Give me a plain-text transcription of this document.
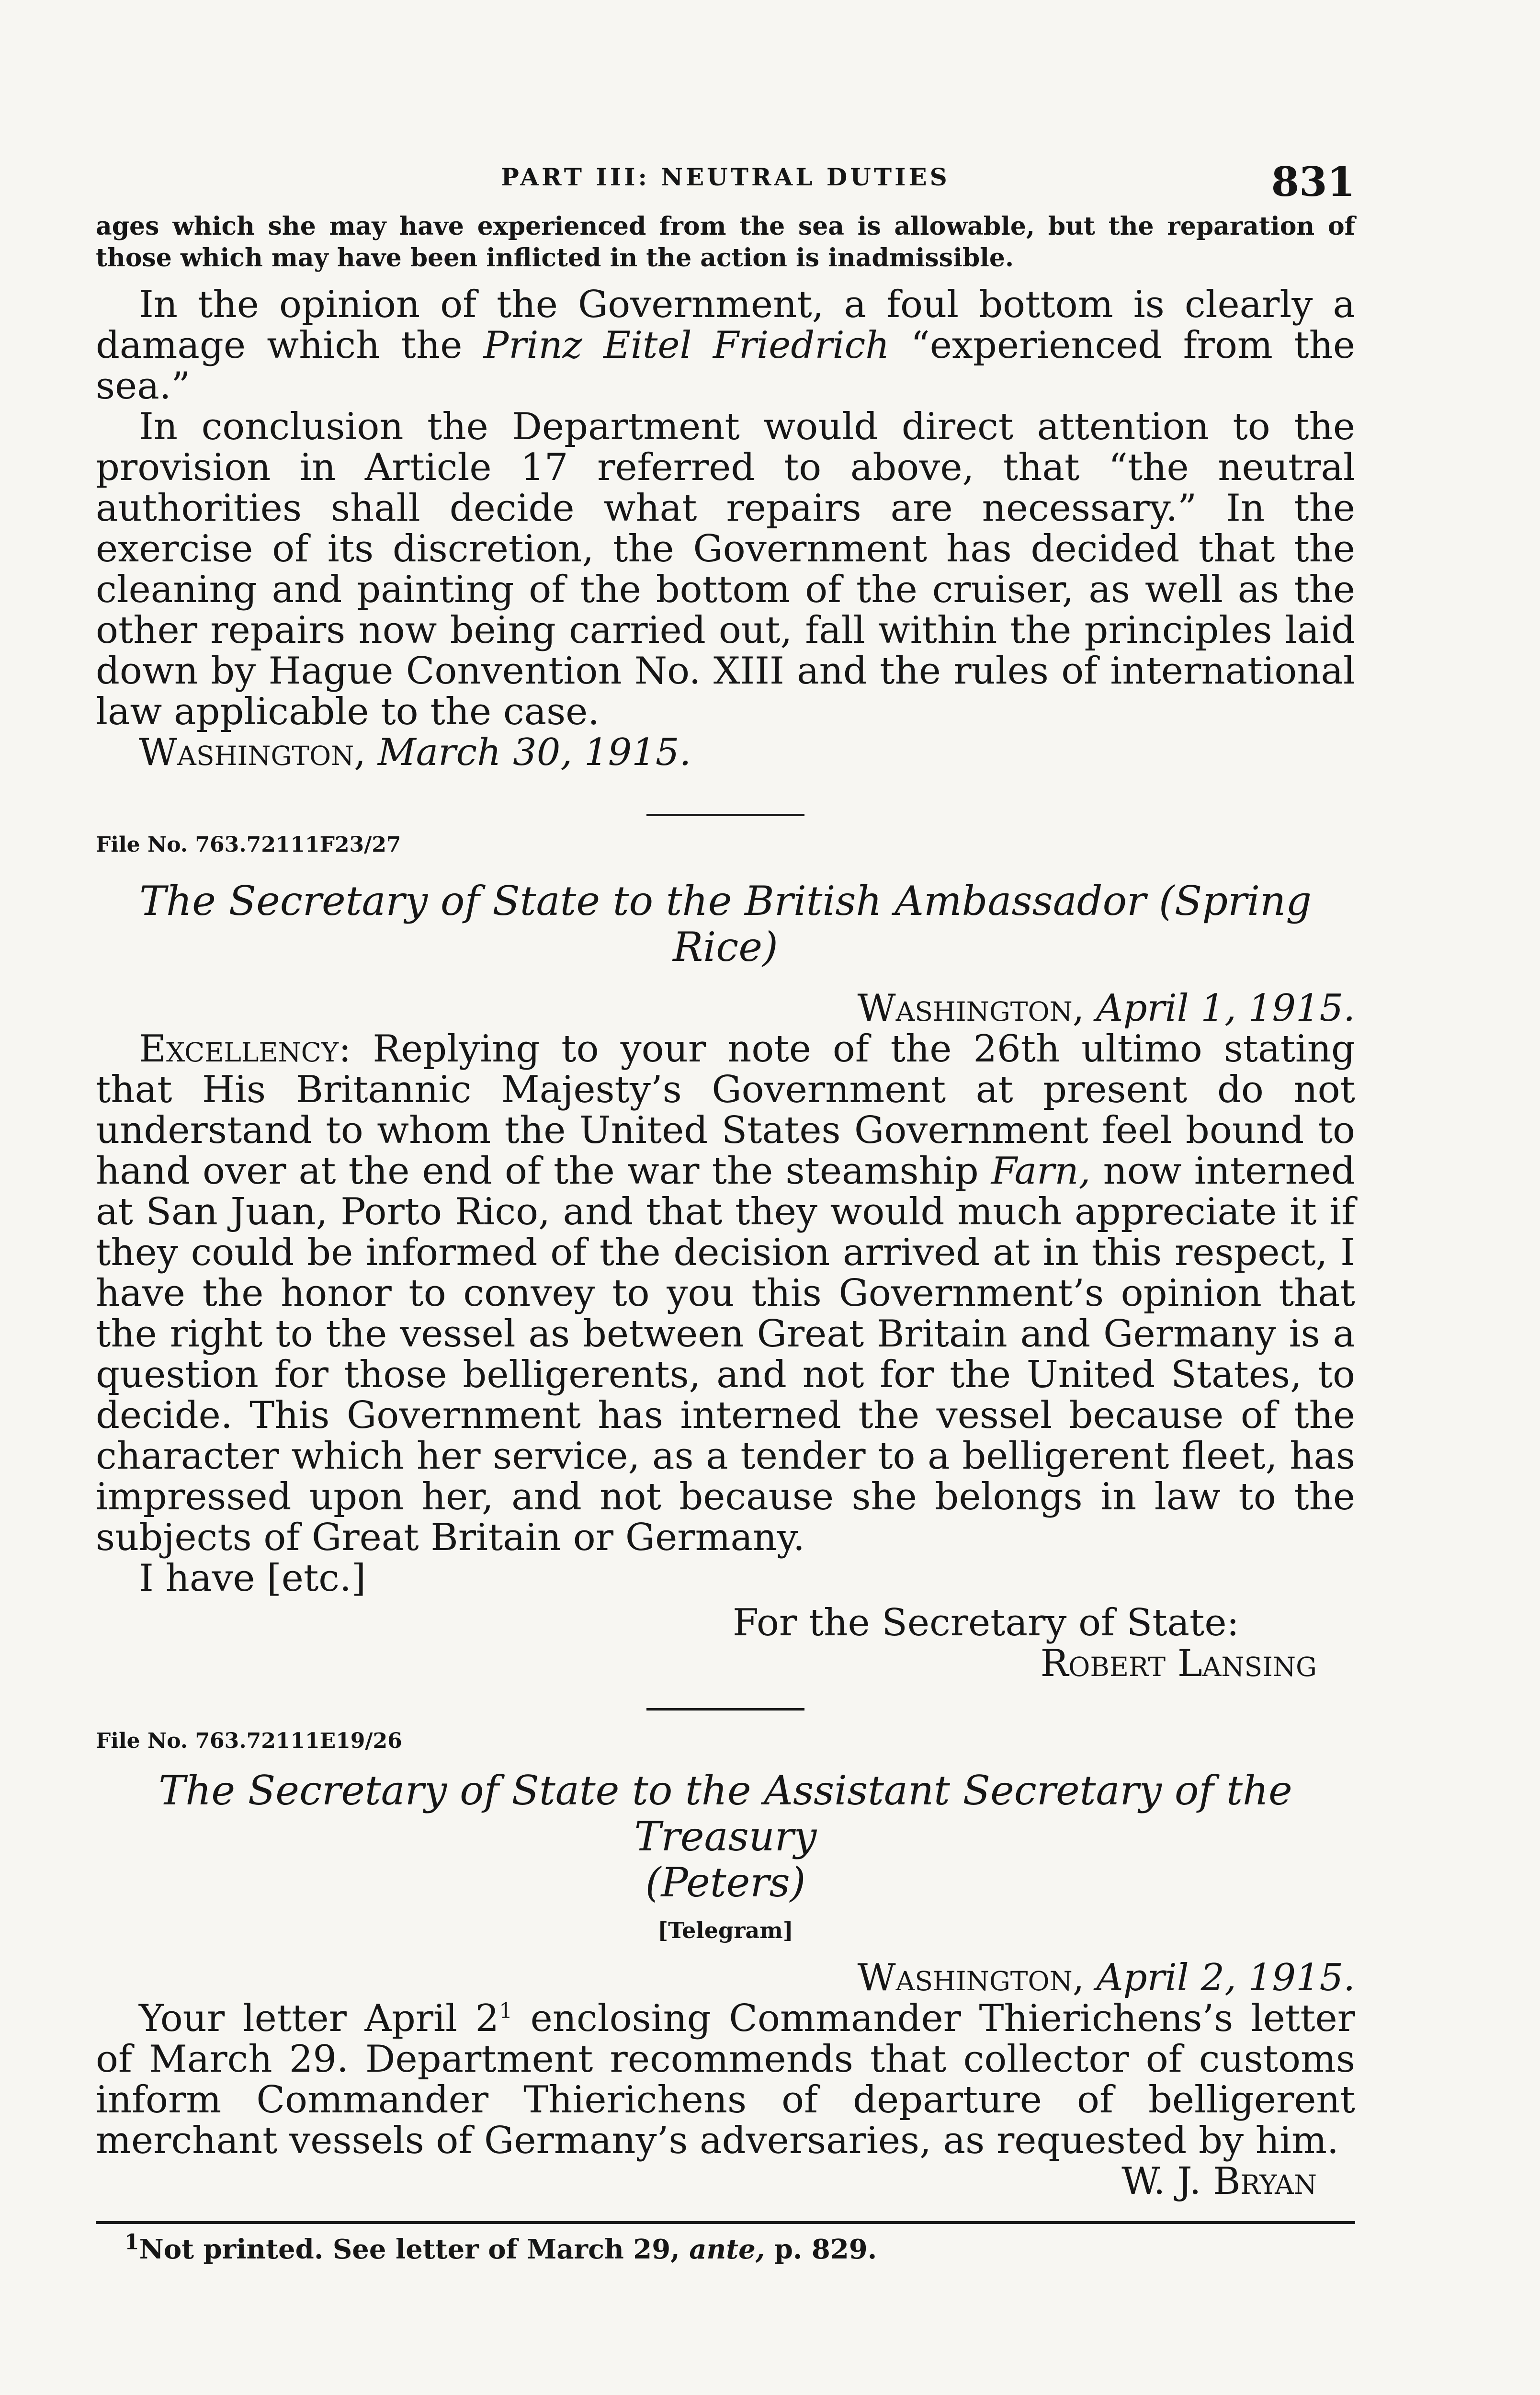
PART III: NEUTRAL DUTIES	831

ages which she may have experienced from the sea is allowable, but the reparation of those which may have been inflicted in the action is inadmissible.

In the opinion of the Government, a foul bottom is clearly a damage which the Prinz Eitel Friedrich “experienced from the sea.”

In conclusion the Department would direct attention to the provision in Article 17 referred to above, that “the neutral authorities shall decide what repairs are necessary.” In the exercise of its discretion, the Government has decided that the cleaning and painting of the bottom of the cruiser, as well as the other repairs now being carried out, fall within the principles laid down by Hague Convention No. XIII and the rules of international law applicable to the case.

Washington, March 30, 1915.

File No. 763.72111F23/27

The Secretary of State to the British Ambassador (Spring Rice)

Washington, April 1, 1915.

Excellency: Replying to your note of the 26th ultimo stating that His Britannic Majesty’s Government at present do not understand to whom the United States Government feel bound to hand over at the end of the war the steamship Farn, now interned at San Juan, Porto Rico, and that they would much appreciate it if they could be informed of the decision arrived at in this respect, I have the honor to convey to you this Government’s opinion that the right to the vessel as between Great Britain and Germany is a question for those belligerents, and not for the United States, to decide. This Government has interned the vessel because of the character which her service, as a tender to a belligerent fleet, has impressed upon her, and not because she belongs in law to the subjects of Great Britain or Germany.

I have [etc.]

For the Secretary of State:

Robert Lansing

File No. 763.72111E19/26

The Secretary of State to the Assistant Secretary of the Treasury

(Peters)

[Telegram]

Washington, April 2, 1915.

Your letter April $2^1$ enclosing Commander Thierichens’s letter of March 29. Department recommends that collector of customs inform Commander Thierichens of departure of belligerent merchant vessels of Germany’s adversaries, as requested by him.

W. J. Bryan

$^1$Not printed. See letter of March 29, ante, p. 829.
